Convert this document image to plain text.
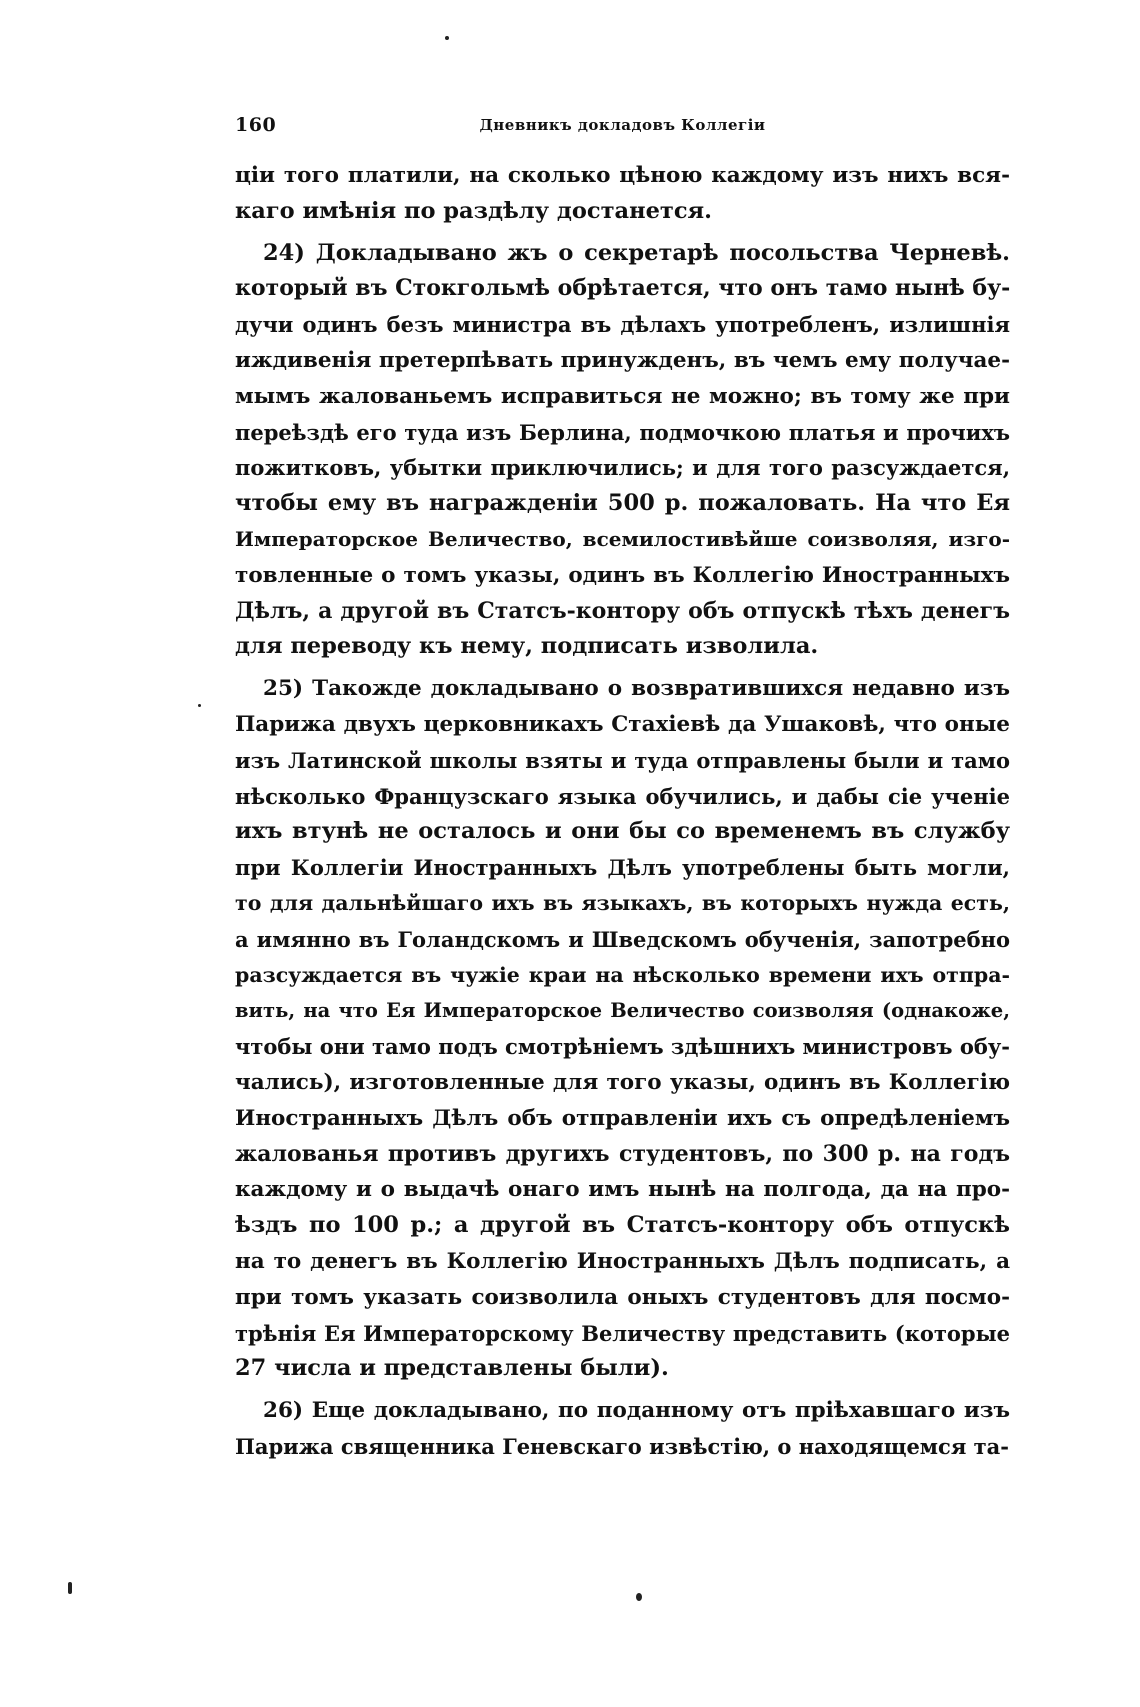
160	Дневникъ докладовъ Коллегіи
ціи того платили, на сколько цѣною каждому изъ нихъ вся-
каго имѣнія по раздѣлу достанется.
24) Докладывано жъ о секретарѣ посольства Черневѣ.
который въ Стокгольмѣ обрѣтается, что онъ тамо нынѣ бу-
дучи одинъ безъ министра въ дѣлахъ употребленъ, излишнія
иждивенія претерпѣвать принужденъ, въ чемъ ему получае-
мымъ жалованьемъ исправиться не можно; въ тому же при
переѣздѣ его туда изъ Берлина, подмочкою платья и прочихъ
пожитковъ, убытки приключились; и для того разсуждается,
чтобы ему въ награжденіи 500 р. пожаловать. На что Ея
Императорское Величество, всемилостивѣйше соизволяя, изго-
товленные о томъ указы, одинъ въ Коллегію Иностранныхъ
Дѣлъ, а другой въ Статсъ-контору объ отпускѣ тѣхъ денегъ
для переводу къ нему, подписать изволила.
25) Такожде докладывано о возвратившихся недавно изъ
Парижа двухъ церковникахъ Стахіевѣ да Ушаковѣ, что оные
изъ Латинской школы взяты и туда отправлены были и тамо
нѣсколько Французскаго языка обучились, и дабы сіе ученіе
ихъ втунѣ не осталось и они бы со временемъ въ службу
при Коллегіи Иностранныхъ Дѣлъ употреблены быть могли,
то для дальнѣйшаго ихъ въ языкахъ, въ которыхъ нужда есть,
а имянно въ Голандскомъ и Шведскомъ обученія, запотребно
разсуждается въ чужіе краи на нѣсколько времени ихъ отпра-
вить, на что Ея Императорское Величество соизволяя (однакоже,
чтобы они тамо подъ смотрѣніемъ здѣшнихъ министровъ обу-
чались), изготовленные для того указы, одинъ въ Коллегію
Иностранныхъ Дѣлъ объ отправленіи ихъ съ опредѣленіемъ
жалованья противъ другихъ студентовъ, по 300 р. на годъ
каждому и о выдачѣ онаго имъ нынѣ на полгода, да на про-
ѣздъ по 100 р.; а другой въ Статсъ-контору объ отпускѣ
на то денегъ въ Коллегію Иностранныхъ Дѣлъ подписать, а
при томъ указать соизволила оныхъ студентовъ для посмо-
трѣнія Ея Императорскому Величеству представить (которые
27 числа и представлены были).
26) Еще докладывано, по поданному отъ пріѣхавшаго изъ
Парижа священника Геневскаго извѣстію, о находящемся та-
